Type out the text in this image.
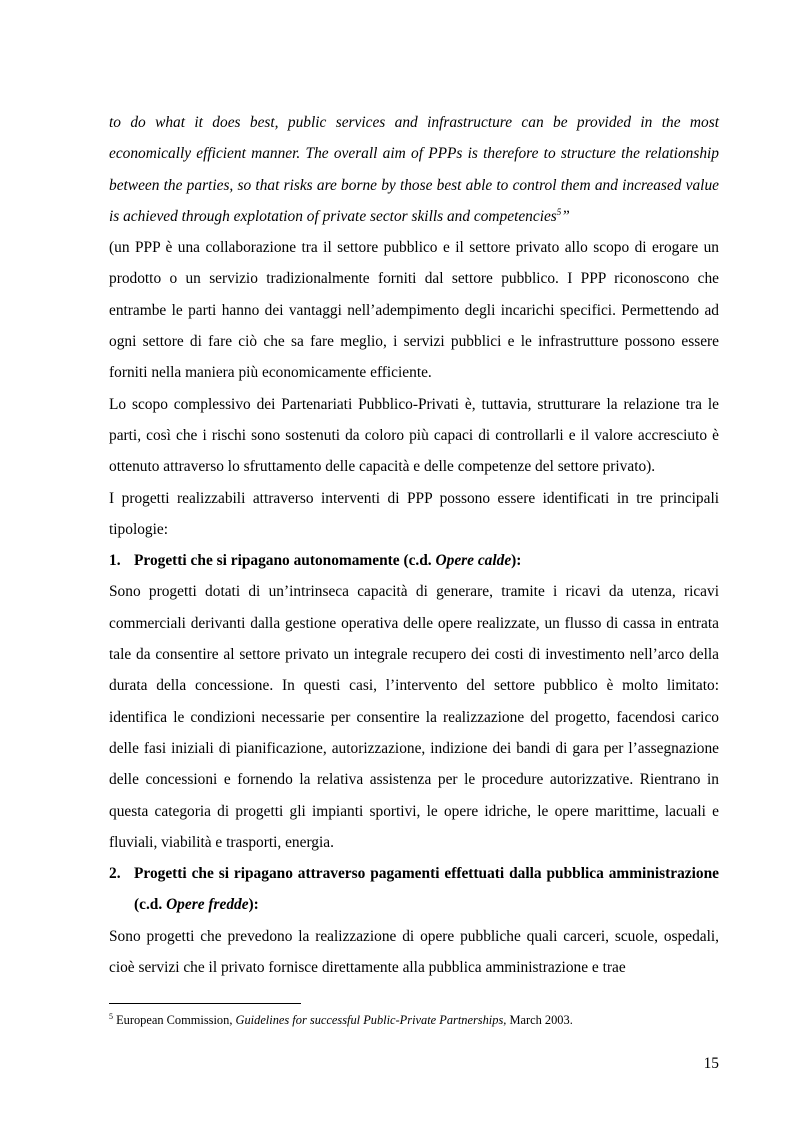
to do what it does best, public services and infrastructure can be provided in the most economically efficient manner. The overall aim of PPPs is therefore to structure the relationship between the parties, so that risks are borne by those best able to control them and increased value is achieved through explotation of private sector skills and competencies$^5$”

(un PPP è una collaborazione tra il settore pubblico e il settore privato allo scopo di erogare un prodotto o un servizio tradizionalmente forniti dal settore pubblico. I PPP riconoscono che entrambe le parti hanno dei vantaggi nell’adempimento degli incarichi specifici. Permettendo ad ogni settore di fare ciò che sa fare meglio, i servizi pubblici e le infrastrutture possono essere forniti nella maniera più economicamente efficiente.

Lo scopo complessivo dei Partenariati Pubblico-Privati è, tuttavia, strutturare la relazione tra le parti, così che i rischi sono sostenuti da coloro più capaci di controllarli e il valore accresciuto è ottenuto attraverso lo sfruttamento delle capacità e delle competenze del settore privato).

I progetti realizzabili attraverso interventi di PPP possono essere identificati in tre principali tipologie:

1. Progetti che si ripagano autonomamente (c.d. Opere calde):

Sono progetti dotati di un’intrinseca capacità di generare, tramite i ricavi da utenza, ricavi commerciali derivanti dalla gestione operativa delle opere realizzate, un flusso di cassa in entrata tale da consentire al settore privato un integrale recupero dei costi di investimento nell’arco della durata della concessione. In questi casi, l’intervento del settore pubblico è molto limitato: identifica le condizioni necessarie per consentire la realizzazione del progetto, facendosi carico delle fasi iniziali di pianificazione, autorizzazione, indizione dei bandi di gara per l’assegnazione delle concessioni e fornendo la relativa assistenza per le procedure autorizzative. Rientrano in questa categoria di progetti gli impianti sportivi, le opere idriche, le opere marittime, lacuali e fluviali, viabilità e trasporti, energia.

2. Progetti che si ripagano attraverso pagamenti effettuati dalla pubblica amministrazione (c.d. Opere fredde):

Sono progetti che prevedono la realizzazione di opere pubbliche quali carceri, scuole, ospedali, cioè servizi che il privato fornisce direttamente alla pubblica amministrazione e trae

$^5$ European Commission, Guidelines for successful Public-Private Partnerships, March 2003.
15
